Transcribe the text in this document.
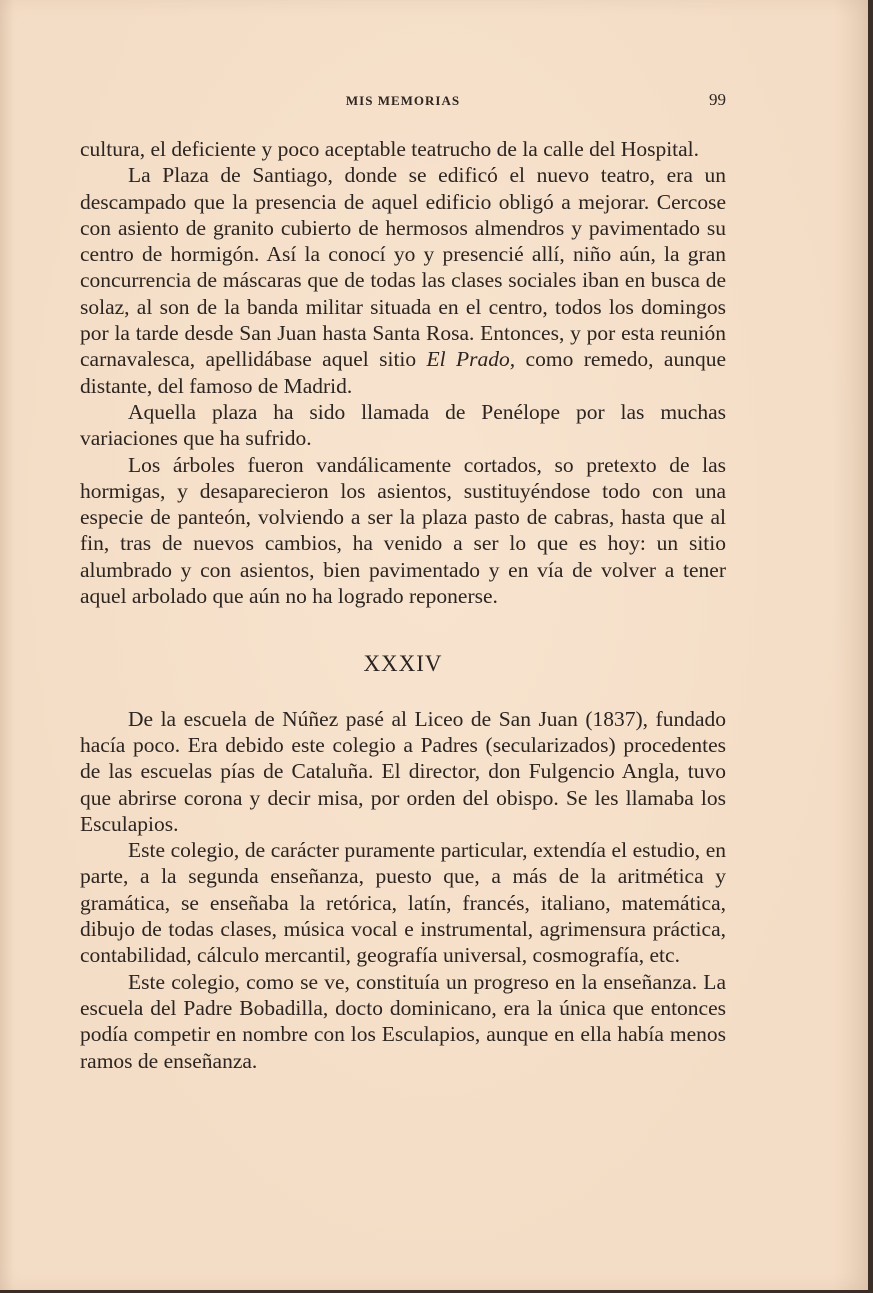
MIS MEMORIAS	99

cultura, el deficiente y poco aceptable teatrucho de la calle del Hospital.

La Plaza de Santiago, donde se edificó el nuevo teatro, era un descampado que la presencia de aquel edificio obligó a mejorar. Cercose con asiento de granito cubierto de hermosos almendros y pavimentado su centro de hormigón. Así la conocí yo y presencié allí, niño aún, la gran concurrencia de máscaras que de todas las clases sociales iban en busca de solaz, al son de la banda militar situada en el centro, todos los domingos por la tarde desde San Juan hasta Santa Rosa. Entonces, y por esta reunión carnavalesca, apellidábase aquel sitio El Prado, como remedo, aunque distante, del famoso de Madrid.

Aquella plaza ha sido llamada de Penélope por las muchas variaciones que ha sufrido.

Los árboles fueron vandálicamente cortados, so pretexto de las hormigas, y desaparecieron los asientos, sustituyéndose todo con una especie de panteón, volviendo a ser la plaza pasto de cabras, hasta que al fin, tras de nuevos cambios, ha venido a ser lo que es hoy: un sitio alumbrado y con asientos, bien pavimentado y en vía de volver a tener aquel arbolado que aún no ha logrado reponerse.

XXXIV

De la escuela de Núñez pasé al Liceo de San Juan (1837), fundado hacía poco. Era debido este colegio a Padres (secularizados) procedentes de las escuelas pías de Cataluña. El director, don Fulgencio Angla, tuvo que abrirse corona y decir misa, por orden del obispo. Se les llamaba los Esculapios.

Este colegio, de carácter puramente particular, extendía el estudio, en parte, a la segunda enseñanza, puesto que, a más de la aritmética y gramática, se enseñaba la retórica, latín, francés, italiano, matemática, dibujo de todas clases, música vocal e instrumental, agrimensura práctica, contabilidad, cálculo mercantil, geografía universal, cosmografía, etc.

Este colegio, como se ve, constituía un progreso en la enseñanza. La escuela del Padre Bobadilla, docto dominicano, era la única que entonces podía competir en nombre con los Esculapios, aunque en ella había menos ramos de enseñanza.
